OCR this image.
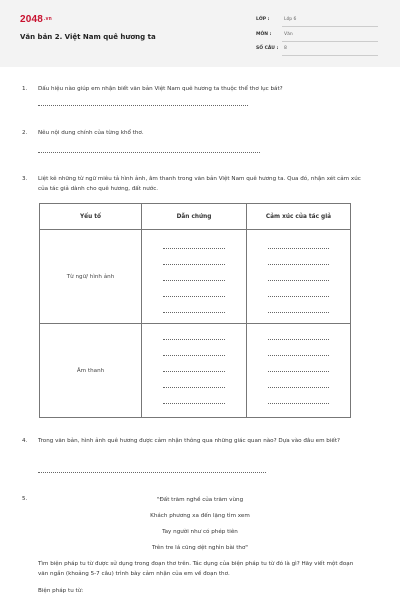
2048.vn
Văn bản 2. Việt Nam quê hương ta
LỚP :	Lớp 6
MÔN :	Văn
SỐ CÂU : 8
1. Dấu hiệu nào giúp em nhận biết văn bản Việt Nam quê hương ta thuộc thể thơ lục bát?
2. Nêu nội dung chính của từng khổ thơ.
3. Liệt kê những từ ngữ miêu tả hình ảnh, âm thanh trong văn bản Việt Nam quê hương ta. Qua đó, nhận xét cảm xúc của tác giả dành cho quê hương, đất nước.
Yếu tố	Dẫn chứng	Cảm xúc của tác giả
Từ ngữ/ hình ảnh	

Âm thanh	

4. Trong văn bản, hình ảnh quê hương được cảm nhận thông qua những giác quan nào? Dựa vào đâu em biết?
5.	"Đất trăm nghề của trăm vùng
Khách phương xa đến lặng tìm xem
Tay người như có phép tiên
Trên tre lá cũng dệt nghìn bài thơ"
Tìm biện pháp tu từ được sử dụng trong đoạn thơ trên. Tác dụng của biện pháp tu từ đó là gì? Hãy viết một đoạn văn ngắn (khoảng 5-7 câu) trình bày cảm nhận của em về đoạn thơ.
Biện pháp tu từ:
